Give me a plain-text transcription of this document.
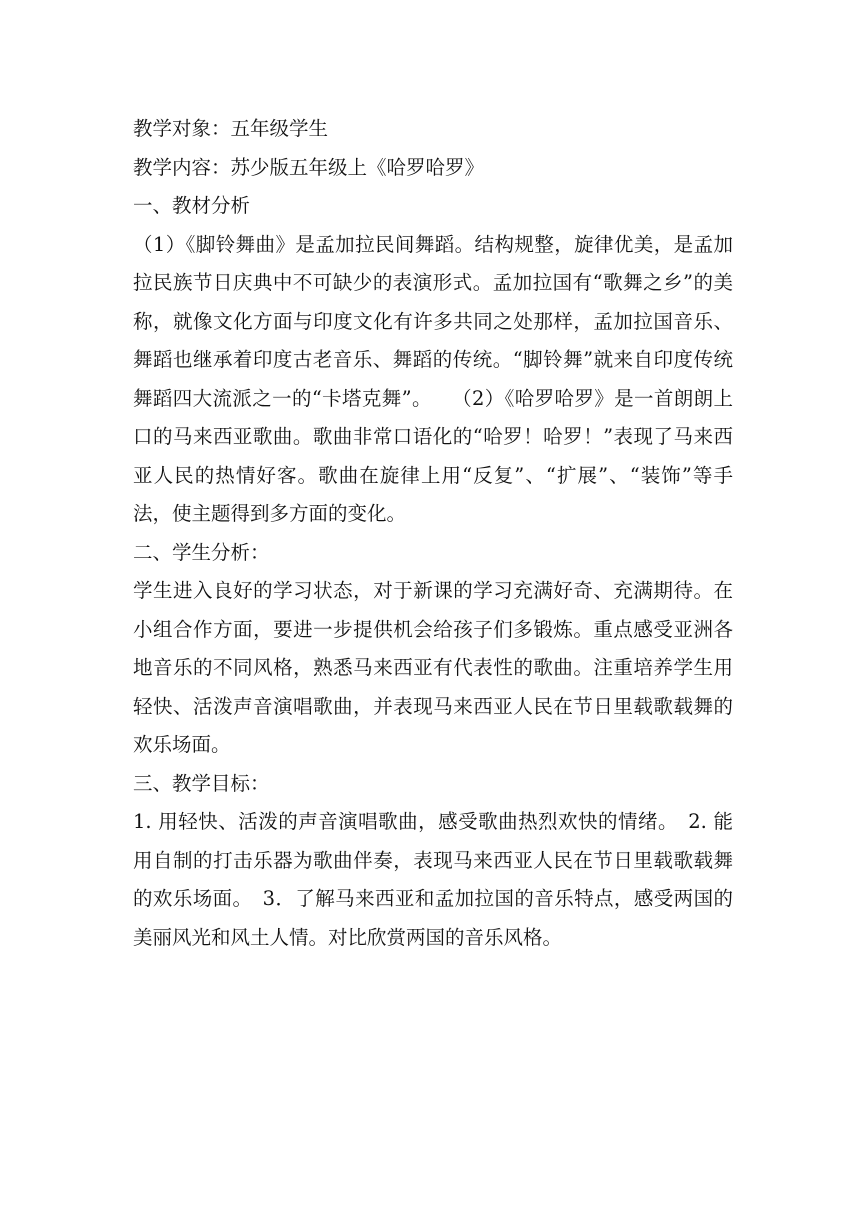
教学对象：五年级学生

教学内容：苏少版五年级上《哈罗哈罗》

一、教材分析

（1）《脚铃舞曲》是孟加拉民间舞蹈。结构规整，旋律优美，是孟加拉民族节日庆典中不可缺少的表演形式。孟加拉国有“歌舞之乡”的美称，就像文化方面与印度文化有许多共同之处那样，孟加拉国音乐、舞蹈也继承着印度古老音乐、舞蹈的传统。“脚铃舞”就来自印度传统舞蹈四大流派之一的“卡塔克舞”。　　（2）《哈罗哈罗》是一首朗朗上口的马来西亚歌曲。歌曲非常口语化的“哈罗！哈罗！”表现了马来西亚人民的热情好客。歌曲在旋律上用“反复”、“扩展”、“装饰”等手法，使主题得到多方面的变化。

二、学生分析：

学生进入良好的学习状态，对于新课的学习充满好奇、充满期待。在小组合作方面，要进一步提供机会给孩子们多锻炼。重点感受亚洲各地音乐的不同风格，熟悉马来西亚有代表性的歌曲。注重培养学生用轻快、活泼声音演唱歌曲，并表现马来西亚人民在节日里载歌载舞的欢乐场面。

三、教学目标：

1. 用轻快、活泼的声音演唱歌曲，感受歌曲热烈欢快的情绪。　2. 能用自制的打击乐器为歌曲伴奏，表现马来西亚人民在节日里载歌载舞的欢乐场面。　3．了解马来西亚和孟加拉国的音乐特点，感受两国的美丽风光和风土人情。对比欣赏两国的音乐风格。
